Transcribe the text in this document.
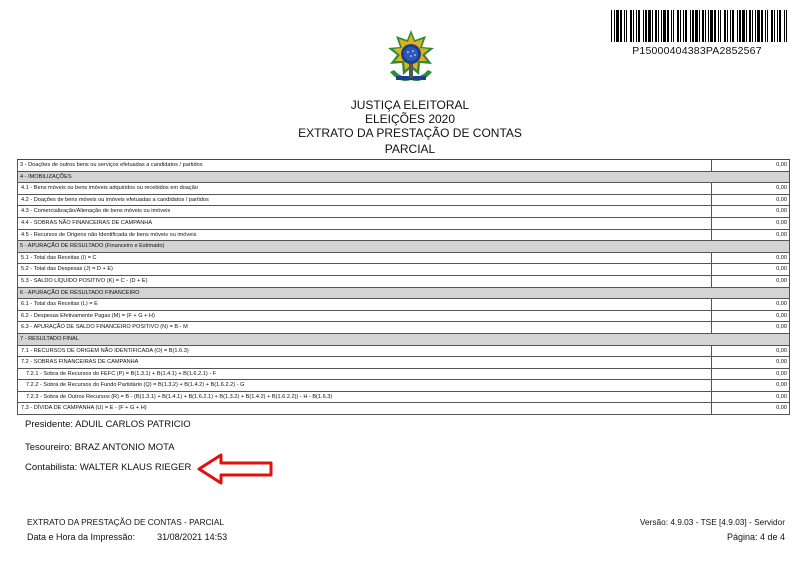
P15000404383PA2852567
JUSTIÇA ELEITORAL
ELEIÇÕES 2020
EXTRATO DA PRESTAÇÃO DE CONTAS
PARCIAL
3 - Doações de outros bens ou serviços efetuadas a candidatos / partidos	0,00
4 - IMOBILIZAÇÕES
4.1 - Bens móveis ou bens imóveis adquiridos ou recebidos em doação	0,00
4.2 - Doações de bens móveis ou imóveis efetuadas a candidatos / partidos	0,00
4.3 - Comercialização/Alienação de bens móveis ou imóveis	0,00
4.4 - SOBRAS NÃO FINANCEIRAS DE CAMPANHA	0,00
4.5 - Recursos de Origens não Identificada de bens móveis ou imóveis	0,00
5 - APURAÇÃO DE RESULTADO (Financeiro e Estimado)
5.1 - Total das Receitas (I) = C	0,00
5.2 - Total das Despesas (J) = D + E)	0,00
5.3 - SALDO LÍQUIDO POSITIVO (K) = C - (D + E)	0,00
6 - APURAÇÃO DE RESULTADO FINANCEIRO
6.1 - Total das Receitas (L) = E	0,00
6.2 - Despesas Efetivamente Pagas (M) = (F + G + H)	0,00
6.3 - APURAÇÃO DE SALDO FINANCEIRO POSITIVO (N) = B - M	0,00
7 - RESULTADO FINAL
7.1 - RECURSOS DE ORIGEM NÃO IDENTIFICADA (O) = B(1.6.3)	0,00
7.2 - SOBRAS FINANCEIRAS DE CAMPANHA	0,00
7.2.1 - Sobra de Recursos do FEFC (P) = B(1.3.1) + B(1.4.1) + B(1.6.2.1) - F	0,00
7.2.2 - Sobra de Recursos do Fundo Partidário (Q) = B(1.3.2) + B(1.4.2) + B(1.6.2.2) - G	0,00
7.2.3 - Sobra de Outros Recursos (R) = B - (B(1.3.1) + B(1.4.1) + B(1.6.2.1) + B(1.3.2) + B(1.4.2) + B(1.6.2.2)) - H - B(1.6.3)	0,00
7.3 - DÍVIDA DE CAMPANHA (U) = E - (F + G + H)	0,00
Presidente: ADUIL CARLOS PATRICIO
Tesoureiro: BRAZ ANTONIO MOTA
Contabilista: WALTER KLAUS RIEGER
EXTRATO DA PRESTAÇÃO DE CONTAS - PARCIAL
Data e Hora da Impressão: 31/08/2021 14:53
Versão: 4.9.03 - TSE [4.9.03] - Servidor
Página: 4 de 4
